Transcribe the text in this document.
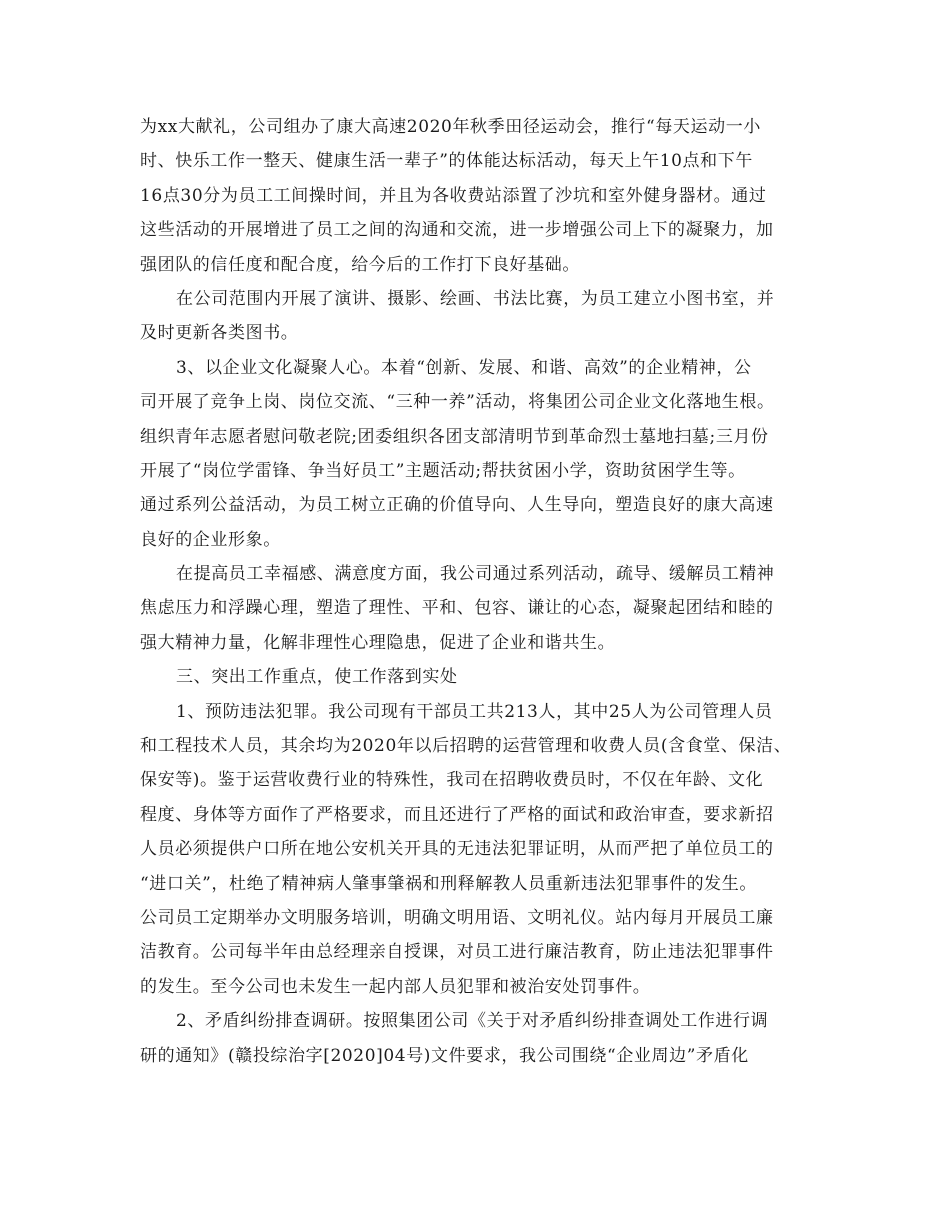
为xx大献礼，公司组办了康大高速2020年秋季田径运动会，推行“每天运动一小
时、快乐工作一整天、健康生活一辈子”的体能达标活动，每天上午10点和下午
16点30分为员工工间操时间，并且为各收费站添置了沙坑和室外健身器材。通过
这些活动的开展增进了员工之间的沟通和交流，进一步增强公司上下的凝聚力，加
强团队的信任度和配合度，给今后的工作打下良好基础。
在公司范围内开展了演讲、摄影、绘画、书法比赛，为员工建立小图书室，并
及时更新各类图书。
3、以企业文化凝聚人心。本着“创新、发展、和谐、高效”的企业精神，公
司开展了竞争上岗、岗位交流、“三种一养”活动，将集团公司企业文化落地生根。
组织青年志愿者慰问敬老院;团委组织各团支部清明节到革命烈士墓地扫墓;三月份
开展了“岗位学雷锋、争当好员工”主题活动;帮扶贫困小学，资助贫困学生等。
通过系列公益活动，为员工树立正确的价值导向、人生导向，塑造良好的康大高速
良好的企业形象。
在提高员工幸福感、满意度方面，我公司通过系列活动，疏导、缓解员工精神
焦虑压力和浮躁心理，塑造了理性、平和、包容、谦让的心态，凝聚起团结和睦的
强大精神力量，化解非理性心理隐患，促进了企业和谐共生。
三、突出工作重点，使工作落到实处
1、预防违法犯罪。我公司现有干部员工共213人，其中25人为公司管理人员
和工程技术人员，其余均为2020年以后招聘的运营管理和收费人员(含食堂、保洁、
保安等)。鉴于运营收费行业的特殊性，我司在招聘收费员时，不仅在年龄、文化
程度、身体等方面作了严格要求，而且还进行了严格的面试和政治审查，要求新招
人员必须提供户口所在地公安机关开具的无违法犯罪证明，从而严把了单位员工的
“进口关”，杜绝了精神病人肇事肇祸和刑释解教人员重新违法犯罪事件的发生。
公司员工定期举办文明服务培训，明确文明用语、文明礼仪。站内每月开展员工廉
洁教育。公司每半年由总经理亲自授课，对员工进行廉洁教育，防止违法犯罪事件
的发生。至今公司也未发生一起内部人员犯罪和被治安处罚事件。
2、矛盾纠纷排查调研。按照集团公司《关于对矛盾纠纷排查调处工作进行调
研的通知》(赣投综治字[2020]04号)文件要求，我公司围绕“企业周边”矛盾化
